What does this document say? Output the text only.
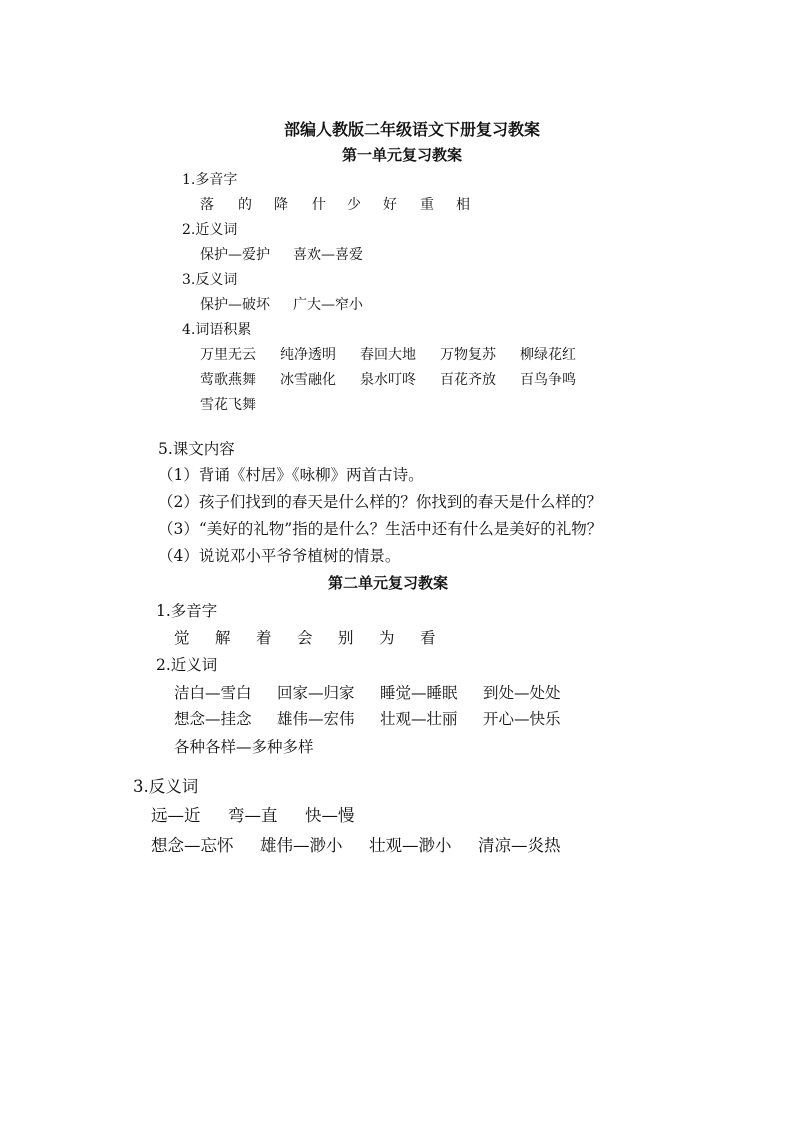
部编人教版二年级语文下册复习教案
第一单元复习教案
1.多音字
落 的 降 什 少 好 重 相
2.近义词
保护—爱护 喜欢—喜爱
3.反义词
保护—破坏 广大—窄小
4.词语积累
万里无云 纯净透明 春回大地 万物复苏 柳绿花红
莺歌燕舞 冰雪融化 泉水叮咚 百花齐放 百鸟争鸣
雪花飞舞
5.课文内容
（1）背诵《村居》《咏柳》两首古诗。
（2）孩子们找到的春天是什么样的？你找到的春天是什么样的？
（3）“美好的礼物”指的是什么？生活中还有什么是美好的礼物？
（4）说说邓小平爷爷植树的情景。
第二单元复习教案
1.多音字
觉 解 着 会 别 为 看
2.近义词
洁白—雪白 回家—归家 睡觉—睡眠 到处—处处
想念—挂念 雄伟—宏伟 壮观—壮丽 开心—快乐
各种各样—多种多样
3.反义词
远—近 弯—直 快—慢
想念—忘怀 雄伟—渺小 壮观—渺小 清凉—炎热
